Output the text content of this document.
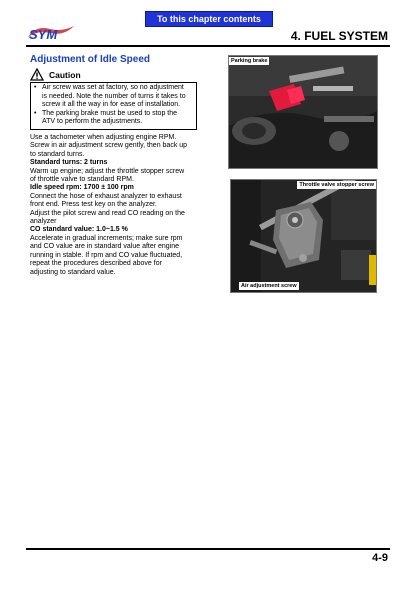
To this chapter contents
SYM	4. FUEL SYSTEM
Adjustment of Idle Speed
Caution
• Air screw was set at factory, so no adjustment
is needed. Note the number of turns it takes to
screw it all the way in for ease of installation.
• The parking brake must be used to stop the
ATV to perform the adjustments.
Use a tachometer when adjusting engine RPM.
Screw in air adjustment screw gently, then back up
to standard turns.
Standard turns: 2 turns
Warm up engine; adjust the throttle stopper screw
of throttle valve to standard RPM.
Idle speed rpm: 1700 ± 100 rpm
Connect the hose of exhaust analyzer to exhaust
front end. Press test key on the analyzer.
Adjust the pilot screw and read CO reading on the
analyzer
CO standard value: 1.0~1.5 %
Accelerate in gradual increments; make sure rpm
and CO value are in standard value after engine
running in stable. If rpm and CO value fluctuated,
repeat the procedures described above for
adjusting to standard value.
Parking brake
Throttle valve stopper screw
Air adjustment screw
4-9
